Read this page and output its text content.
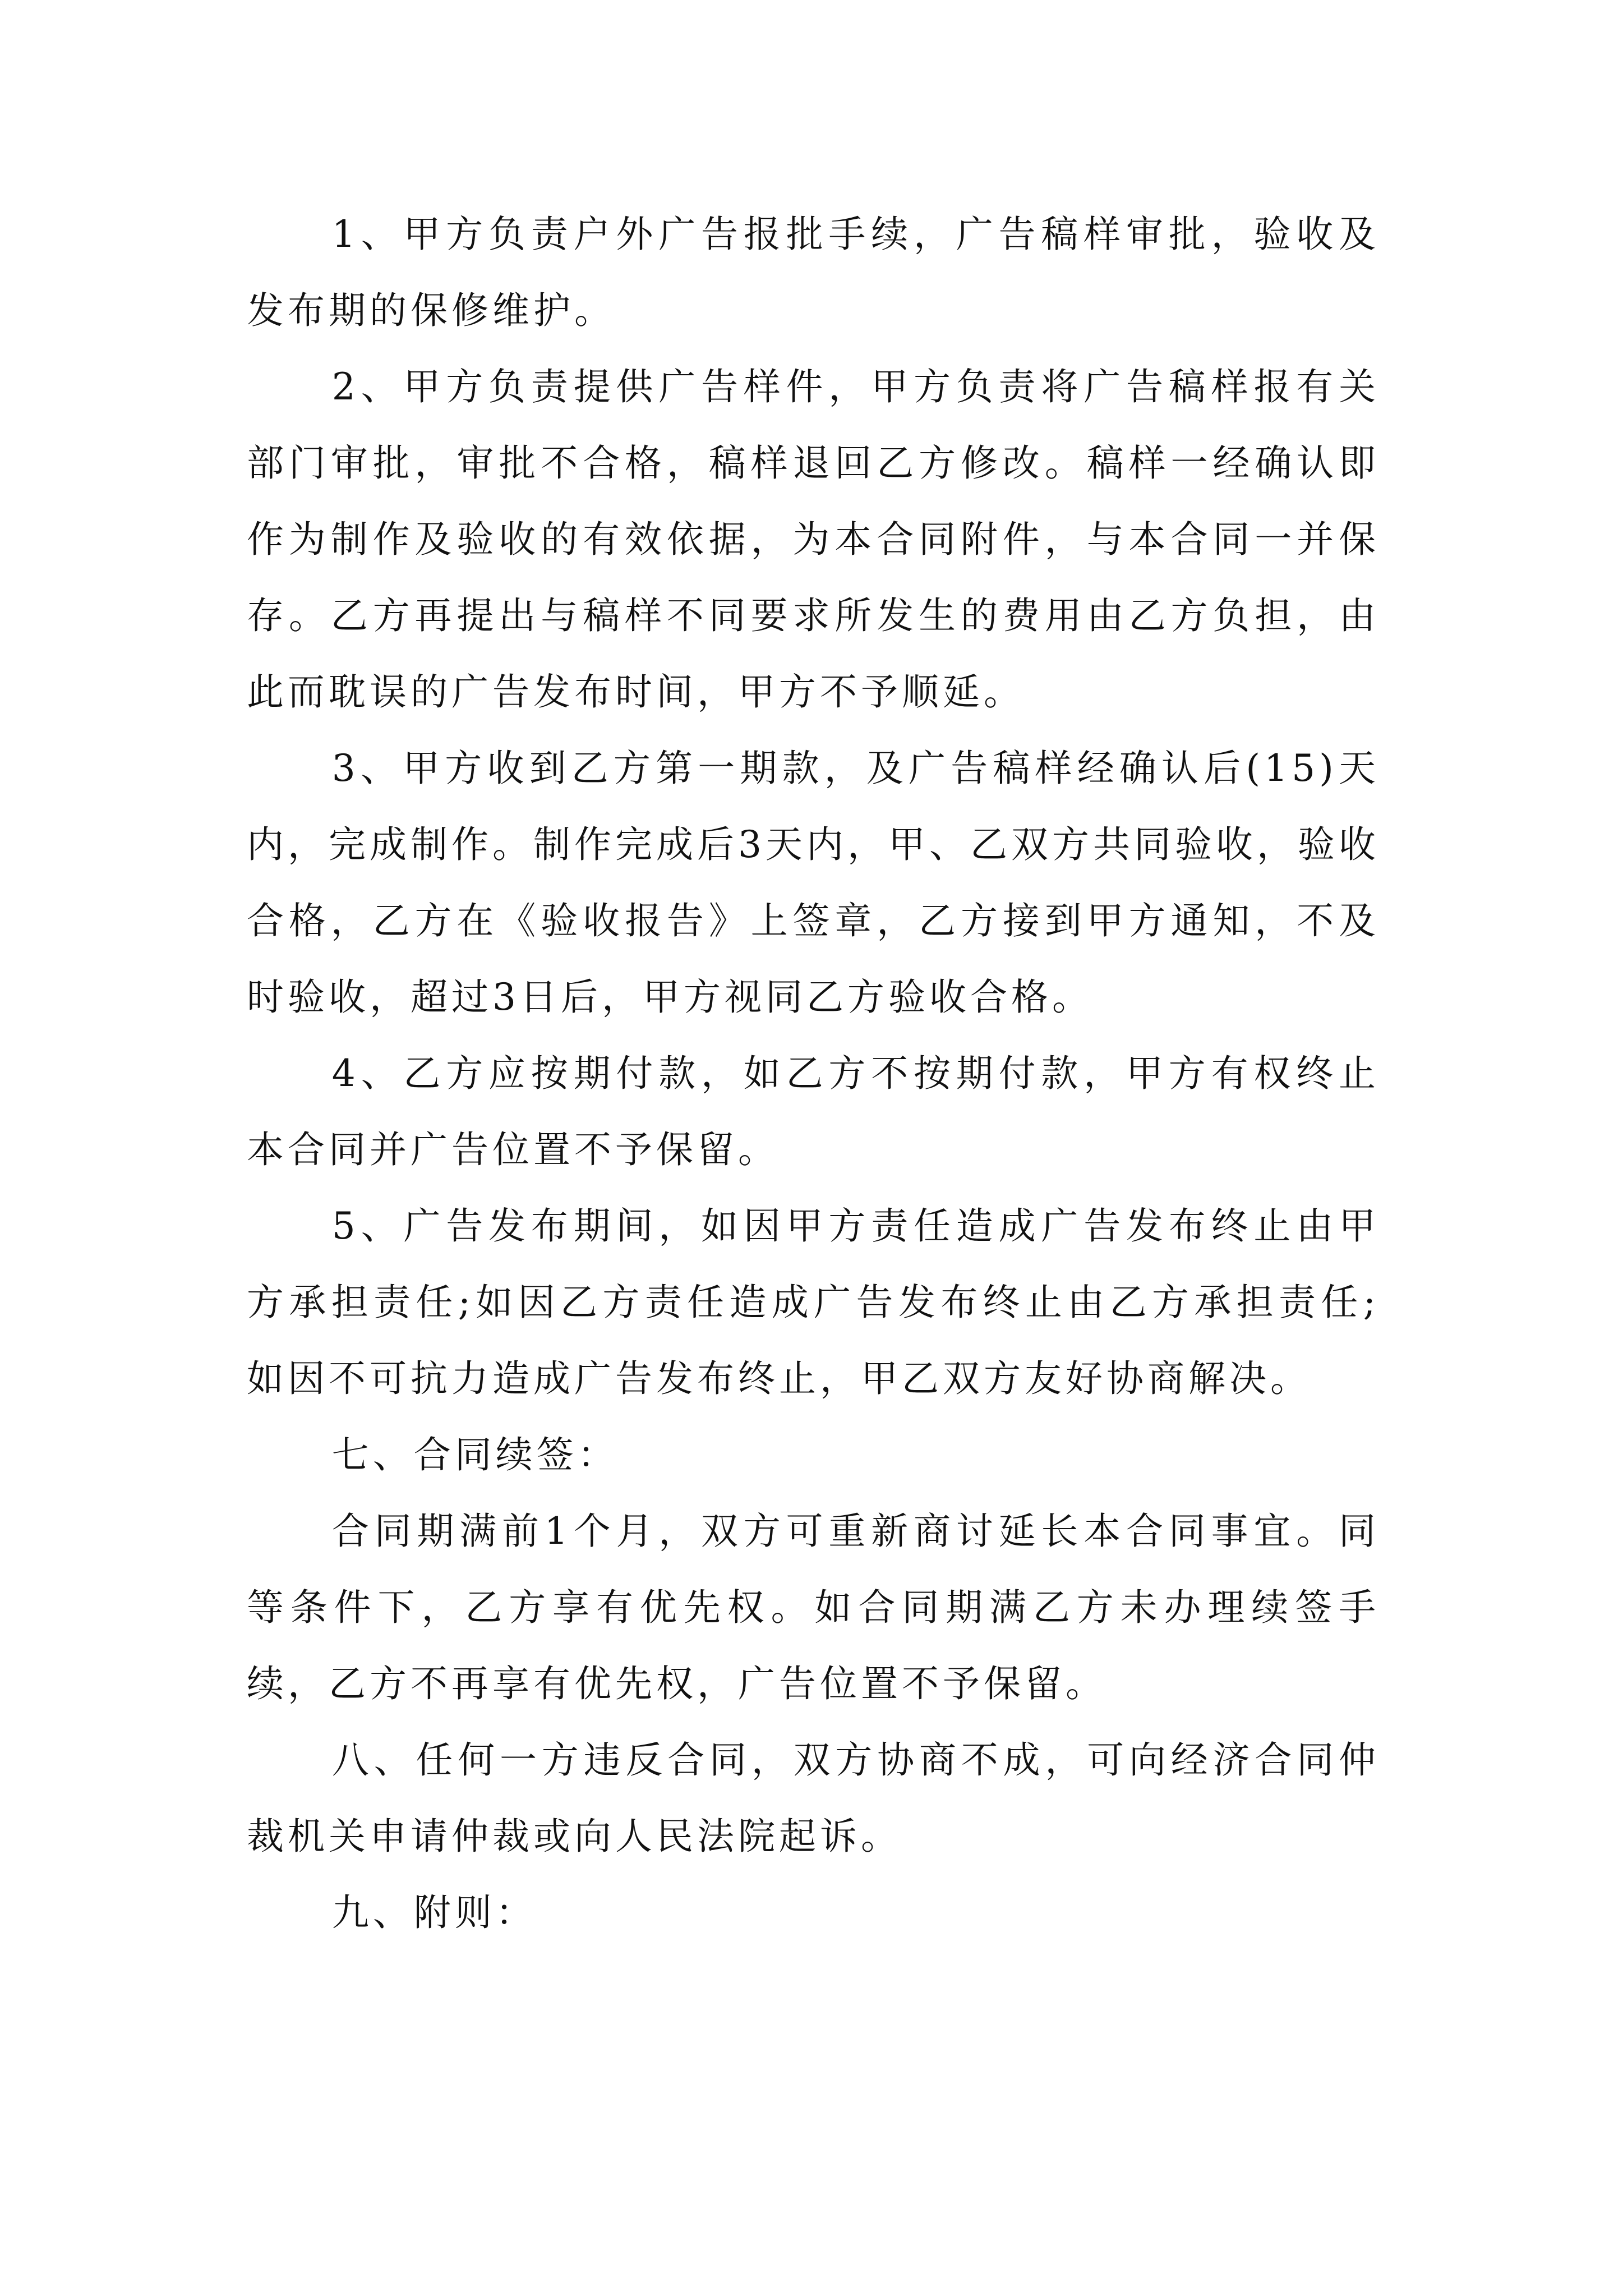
1、甲方负责户外广告报批手续，广告稿样审批，验收及发布期的保修维护。

2、甲方负责提供广告样件，甲方负责将广告稿样报有关部门审批，审批不合格，稿样退回乙方修改。稿样一经确认即作为制作及验收的有效依据，为本合同附件，与本合同一并保存。乙方再提出与稿样不同要求所发生的费用由乙方负担，由此而耽误的广告发布时间，甲方不予顺延。

3、甲方收到乙方第一期款，及广告稿样经确认后(15)天内，完成制作。制作完成后3天内，甲、乙双方共同验收，验收合格，乙方在《验收报告》上签章，乙方接到甲方通知，不及时验收，超过3日后，甲方视同乙方验收合格。

4、乙方应按期付款，如乙方不按期付款，甲方有权终止本合同并广告位置不予保留。

5、广告发布期间，如因甲方责任造成广告发布终止由甲方承担责任;如因乙方责任造成广告发布终止由乙方承担责任;如因不可抗力造成广告发布终止，甲乙双方友好协商解决。

七、合同续签：

合同期满前1个月，双方可重新商讨延长本合同事宜。同等条件下，乙方享有优先权。如合同期满乙方未办理续签手续，乙方不再享有优先权，广告位置不予保留。

八、任何一方违反合同，双方协商不成，可向经济合同仲裁机关申请仲裁或向人民法院起诉。

九、附则：
